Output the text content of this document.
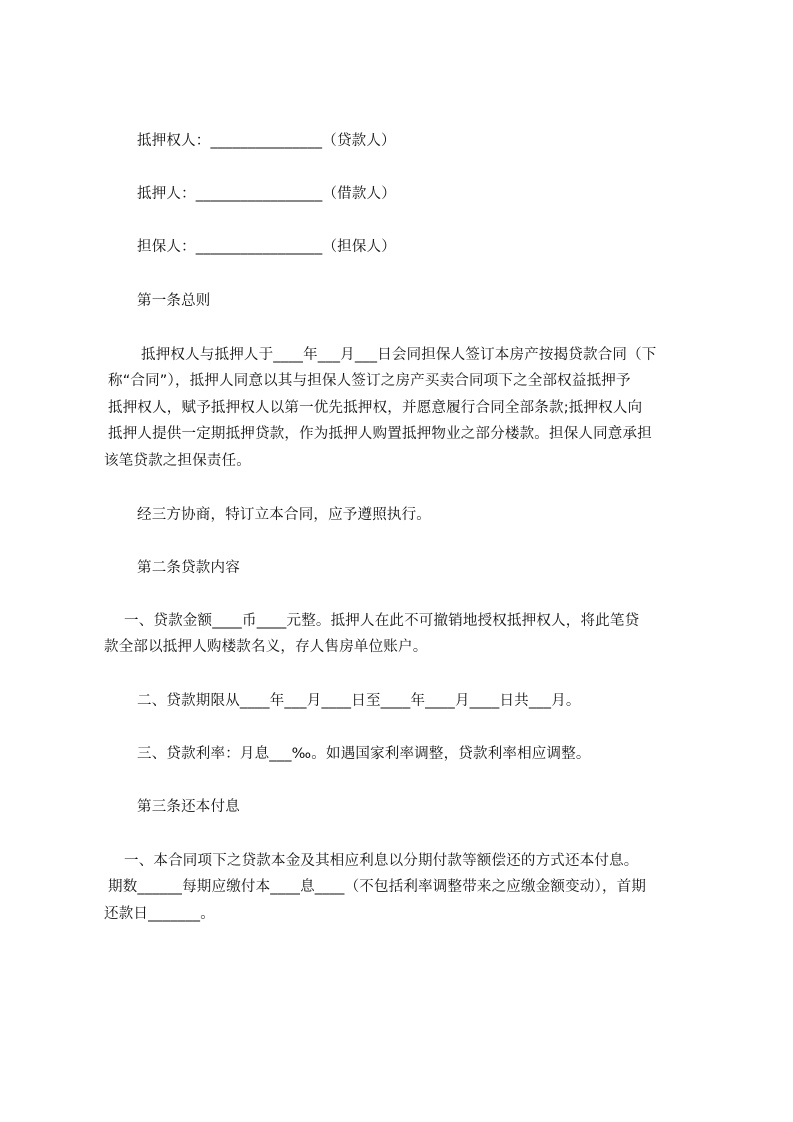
抵押权人：_______________（贷款人）
抵押人：_________________（借款人）
担保人：_________________（担保人）
第一条总则
抵押权人与抵押人于____年___月___日会同担保人签订本房产按揭贷款合同（下
称“合同”），抵押人同意以其与担保人签订之房产买卖合同项下之全部权益抵押予
抵押权人，赋予抵押权人以第一优先抵押权，并愿意履行合同全部条款;抵押权人向
抵押人提供一定期抵押贷款，作为抵押人购置抵押物业之部分楼款。担保人同意承担
该笔贷款之担保责任。
经三方协商，特订立本合同，应予遵照执行。
第二条贷款内容
一、贷款金额____币____元整。抵押人在此不可撤销地授权抵押权人，将此笔贷
款全部以抵押人购楼款名义，存人售房单位账户。
二、贷款期限从____年___月____日至____年____月____日共___月。
三、贷款利率：月息___‰。如遇国家利率调整，贷款利率相应调整。
第三条还本付息
一、本合同项下之贷款本金及其相应利息以分期付款等额偿还的方式还本付息。
期数______每期应缴付本____息____（不包括利率调整带来之应缴金额变动），首期
还款日_______。
